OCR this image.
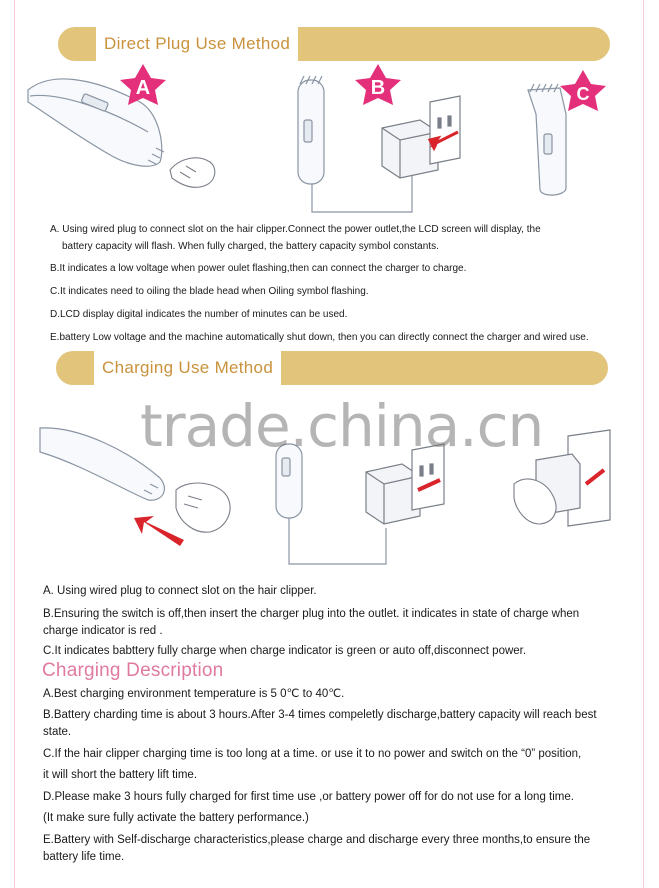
Direct Plug Use Method
A	B	C

A. Using wired plug to connect slot on the hair clipper.Connect the power outlet,the LCD screen will display, the

battery capacity will flash. When fully charged, the battery capacity symbol constants.

B.It indicates a low voltage when power oulet flashing,then can connect the charger to charge.

C.It indicates need to oiling the blade head when Oiling symbol flashing.

D.LCD display digital indicates the number of minutes can be used.

E.battery Low voltage and the machine automatically shut down, then you can directly connect the charger and wired use.

Charging Use Method
trade.china.cn

A. Using wired plug to connect slot on the hair clipper.

B.Ensuring the switch is off,then insert the charger plug into the outlet. it indicates in state of charge when

charge indicator is red .

C.It indicates babttery fully charge when charge indicator is green or auto off,disconnect power.

Charging Description

A.Best charging environment temperature is 5 0℃ to 40℃.

B.Battery charding time is about 3 hours.After 3-4 times compeletly discharge,battery capacity will reach best

state.

C.If the hair clipper charging time is too long at a time. or use it to no power and switch on the “0” position,

it will short the battery lift time.

D.Please make 3 hours fully charged for first time use ,or battery power off for do not use for a long time.

(It make sure fully activate the battery performance.)

E.Battery with Self-discharge characteristics,please charge and discharge every three months,to ensure the

battery life time.
